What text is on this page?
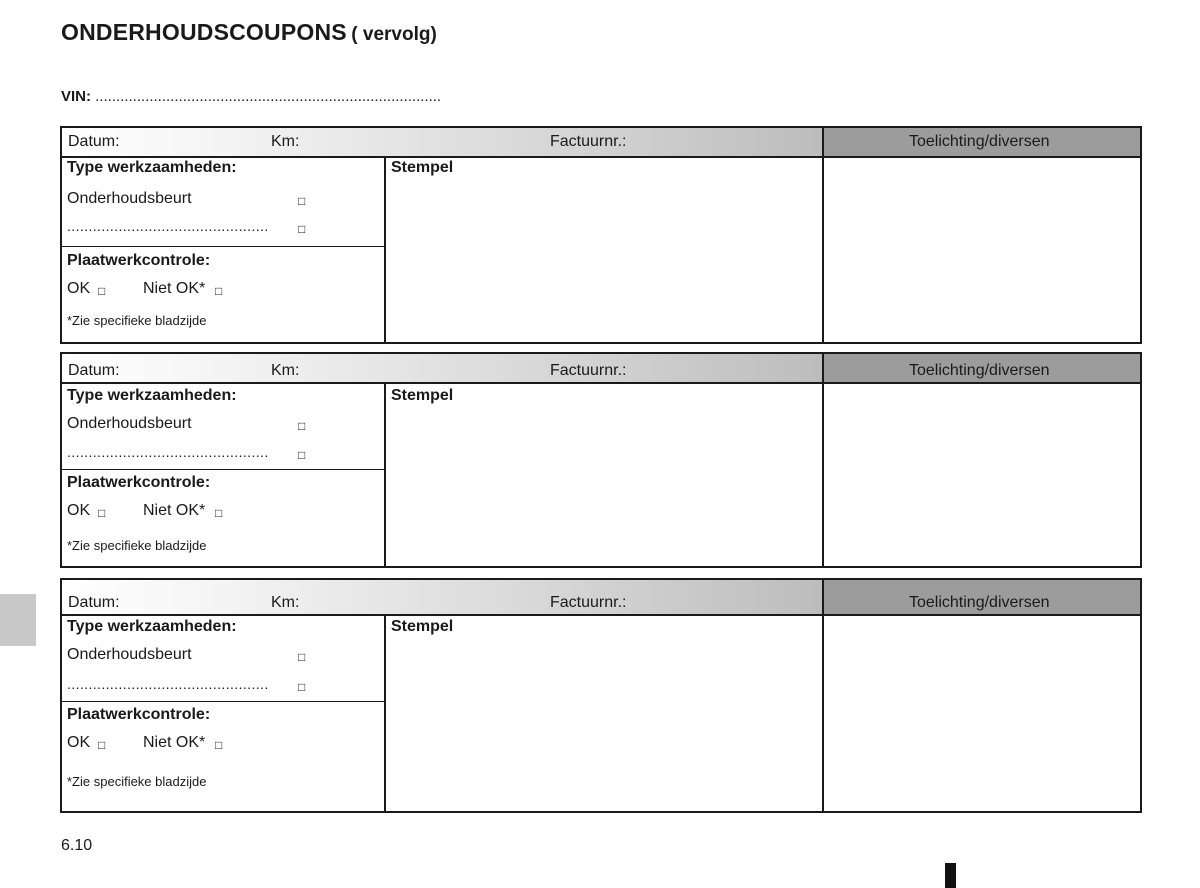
ONDERHOUDSCOUPONS ( vervolg)
VIN: ...................................................................................
Datum:	Km:	Factuurnr.:	Toelichting/diversen
Type werkzaamheden:
Onderhoudsbeurt	□
............................................... □
Plaatwerkcontrole:
OK □ Niet OK* □
*Zie specifieke bladzijde
Stempel
Datum:	Km:	Factuurnr.:	Toelichting/diversen
Type werkzaamheden:
Onderhoudsbeurt	□
............................................... □
Plaatwerkcontrole:
OK □ Niet OK* □
*Zie specifieke bladzijde
Stempel
Datum:	Km:	Factuurnr.:	Toelichting/diversen
Type werkzaamheden:
Onderhoudsbeurt	□
............................................... □
Plaatwerkcontrole:
OK □ Niet OK* □
*Zie specifieke bladzijde
Stempel
6.10
